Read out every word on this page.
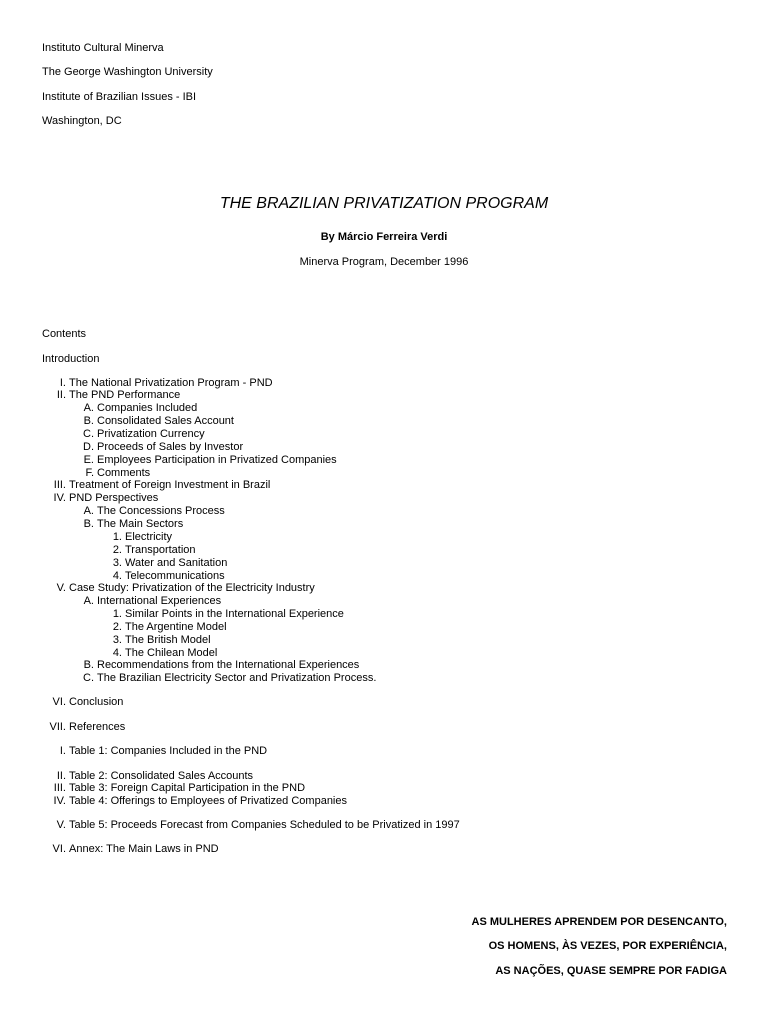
Instituto Cultural Minerva
The George Washington University
Institute of Brazilian Issues - IBI
Washington, DC
THE BRAZILIAN PRIVATIZATION PROGRAM
By Márcio Ferreira Verdi
Minerva Program, December 1996
Contents
Introduction
I. The National Privatization Program - PND
II. The PND Performance
A. Companies Included
B. Consolidated Sales Account
C. Privatization Currency
D. Proceeds of Sales by Investor
E. Employees Participation in Privatized Companies
F. Comments
III. Treatment of Foreign Investment in Brazil
IV. PND Perspectives
A. The Concessions Process
B. The Main Sectors
1. Electricity
2. Transportation
3. Water and Sanitation
4. Telecommunications
V. Case Study: Privatization of the Electricity Industry
A. International Experiences
1. Similar Points in the International Experience
2. The Argentine Model
3. The British Model
4. The Chilean Model
B. Recommendations from the International Experiences
C. The Brazilian Electricity Sector and Privatization Process.
VI. Conclusion
VII. References
I. Table 1: Companies Included in the PND
II. Table 2: Consolidated Sales Accounts
III. Table 3: Foreign Capital Participation in the PND
IV. Table 4: Offerings to Employees of Privatized Companies
V. Table 5: Proceeds Forecast from Companies Scheduled to be Privatized in 1997
VI. Annex: The Main Laws in PND
AS MULHERES APRENDEM POR DESENCANTO,
OS HOMENS, ÀS VEZES, POR EXPERIÊNCIA,
AS NAÇÕES, QUASE SEMPRE POR FADIGA
